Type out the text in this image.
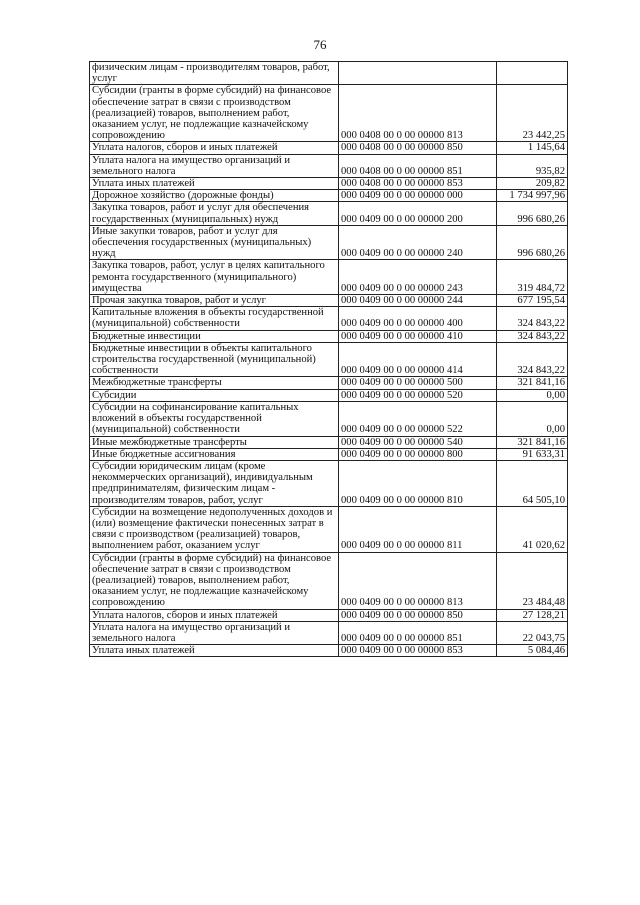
76
физическим лицам - производителям товаров, работ, услуг		
Субсидии (гранты в форме субсидий) на финансовое обеспечение затрат в связи с производством (реализацией) товаров, выполнением работ, оказанием услуг, не подлежащие казначейскому сопровождению	000 0408 00 0 00 00000 813	23 442,25
Уплата налогов, сборов и иных платежей	000 0408 00 0 00 00000 850	1 145,64
Уплата налога на имущество организаций и земельного налога	000 0408 00 0 00 00000 851	935,82
Уплата иных платежей	000 0408 00 0 00 00000 853	209,82
Дорожное хозяйство (дорожные фонды)	000 0409 00 0 00 00000 000	1 734 997,96
Закупка товаров, работ и услуг для обеспечения государственных (муниципальных) нужд	000 0409 00 0 00 00000 200	996 680,26
Иные закупки товаров, работ и услуг для обеспечения государственных (муниципальных) нужд	000 0409 00 0 00 00000 240	996 680,26
Закупка товаров, работ, услуг в целях капитального ремонта государственного (муниципального) имущества	000 0409 00 0 00 00000 243	319 484,72
Прочая закупка товаров, работ и услуг	000 0409 00 0 00 00000 244	677 195,54
Капитальные вложения в объекты государственной (муниципальной) собственности	000 0409 00 0 00 00000 400	324 843,22
Бюджетные инвестиции	000 0409 00 0 00 00000 410	324 843,22
Бюджетные инвестиции в объекты капитального строительства государственной (муниципальной) собственности	000 0409 00 0 00 00000 414	324 843,22
Межбюджетные трансферты	000 0409 00 0 00 00000 500	321 841,16
Субсидии	000 0409 00 0 00 00000 520	0,00
Субсидии на софинансирование капитальных вложений в объекты государственной (муниципальной) собственности	000 0409 00 0 00 00000 522	0,00
Иные межбюджетные трансферты	000 0409 00 0 00 00000 540	321 841,16
Иные бюджетные ассигнования	000 0409 00 0 00 00000 800	91 633,31
Субсидии юридическим лицам (кроме некоммерческих организаций), индивидуальным предпринимателям, физическим лицам - производителям товаров, работ, услуг	000 0409 00 0 00 00000 810	64 505,10
Субсидии на возмещение недополученных доходов и (или) возмещение фактически понесенных затрат в связи с производством (реализацией) товаров, выполнением работ, оказанием услуг	000 0409 00 0 00 00000 811	41 020,62
Субсидии (гранты в форме субсидий) на финансовое обеспечение затрат в связи с производством (реализацией) товаров, выполнением работ, оказанием услуг, не подлежащие казначейскому сопровождению	000 0409 00 0 00 00000 813	23 484,48
Уплата налогов, сборов и иных платежей	000 0409 00 0 00 00000 850	27 128,21
Уплата налога на имущество организаций и земельного налога	000 0409 00 0 00 00000 851	22 043,75
Уплата иных платежей	000 0409 00 0 00 00000 853	5 084,46
